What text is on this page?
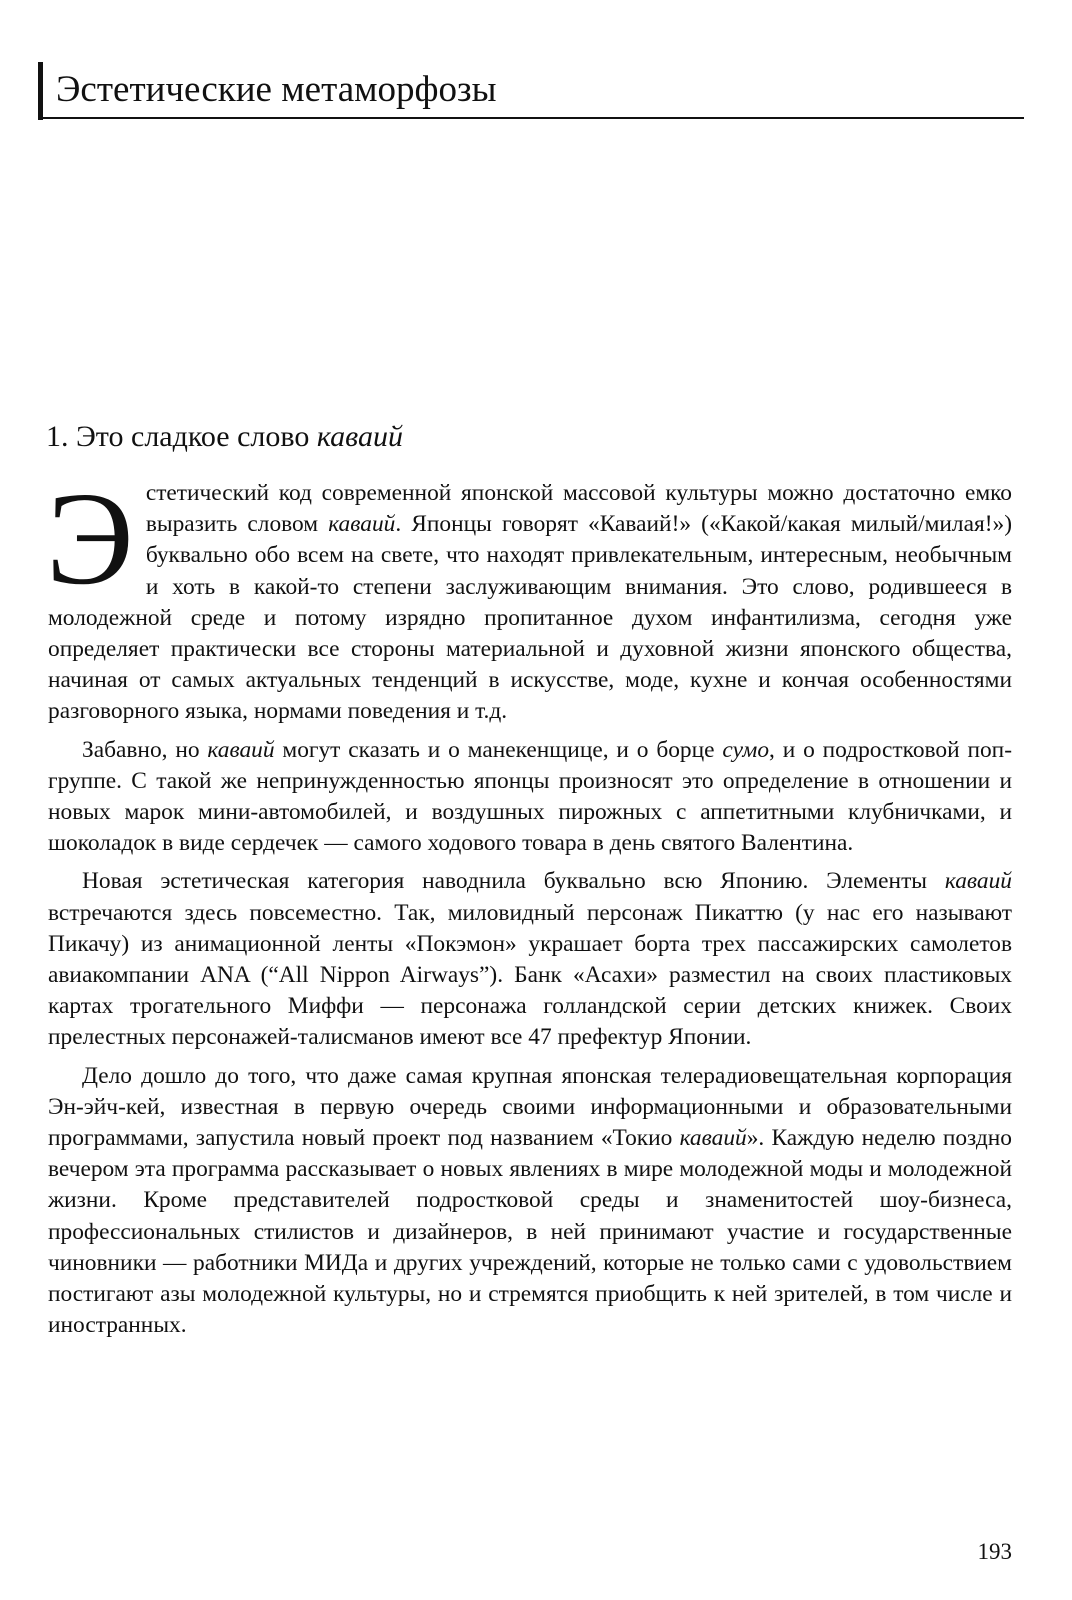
Эстетические метаморфозы
1. Это сладкое слово каваий

Эстетический код современной японской массовой культуры можно достаточно емко выразить словом каваий. Японцы говорят «Каваий!» («Какой/какая милый/милая!») буквально обо всем на свете, что находят привлекательным, интересным, необычным и хоть в какой-то степени заслуживающим внимания. Это слово, родившееся в молодежной среде и потому изрядно пропитанное духом инфантилизма, сегодня уже определяет практически все стороны материальной и духовной жизни японского общества, начиная от самых актуальных тенденций в искусстве, моде, кухне и кончая особенностями разговорного языка, нормами поведения и т.д.

Забавно, но каваий могут сказать и о манекенщице, и о борце сумо, и о подростковой поп-группе. С такой же непринужденностью японцы произносят это определение в отношении и новых марок мини-автомобилей, и воздушных пирожных с аппетитными клубничками, и шоколадок в виде сердечек — самого ходового товара в день святого Валентина.

Новая эстетическая категория наводнила буквально всю Японию. Элементы каваий встречаются здесь повсеместно. Так, миловидный персонаж Пикаттю (у нас его называют Пикачу) из анимационной ленты «Покэмон» украшает борта трех пассажирских самолетов авиакомпании ANA (“All Nippon Airways”). Банк «Асахи» разместил на своих пластиковых картах трогательного Миффи — персонажа голландской серии детских книжек. Своих прелестных персонажей-талисманов имеют все 47 префектур Японии.

Дело дошло до того, что даже самая крупная японская телерадиовещательная корпорация Эн-эйч-кей, известная в первую очередь своими информационными и образовательными программами, запустила новый проект под названием «Токио каваий». Каждую неделю поздно вечером эта программа рассказывает о новых явлениях в мире молодежной моды и молодежной жизни. Кроме представителей подростковой среды и знаменитостей шоу-бизнеса, профессиональных стилистов и дизайнеров, в ней принимают участие и государственные чиновники — работники МИДа и других учреждений, которые не только сами с удовольствием постигают азы молодежной культуры, но и стремятся приобщить к ней зрителей, в том числе и иностранных.

193
